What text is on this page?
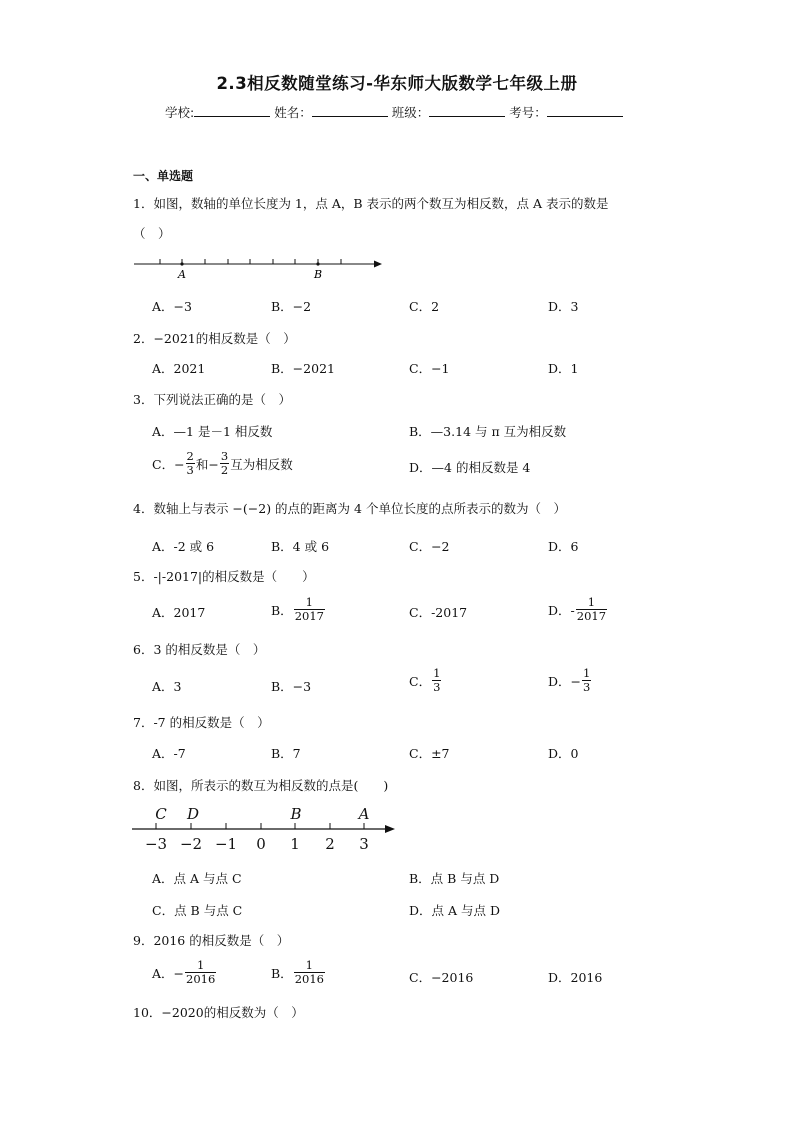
2.3相反数随堂练习-华东师大版数学七年级上册
学校:	姓名：	班级：	考号：
一、单选题
1．如图，数轴的单位长度为 1，点 A，B 表示的两个数互为相反数，点 A 表示的数是
（　）
A	B
A．−3	B．−2	C．2	D．3
2．−2021的相反数是（　）
A．2021	B．−2021	C．−1	D．1
3．下列说法正确的是（　）
A．—1 是－1 相反数	B．—3.14 与 π 互为相反数
C．− $\frac{2}{3}$ 和− $\frac{3}{2}$ 互为相反数	D．—4 的相反数是 4
4．数轴上与表示 −(−2) 的点的距离为 4 个单位长度的点所表示的数为（　）
A．-2 或 6	B．4 或 6	C．−2	D．6
5．-|-2017|的相反数是（　　）
A．2017	B． $\frac{1}{2017}$	C．-2017	D．- $\frac{1}{2017}$
6．3 的相反数是（　）
A．3	B．−3	C． $\frac{1}{3}$	D．− $\frac{1}{3}$
7．-7 的相反数是（　）
A．-7	B．7	C．±7	D．0
8．如图，所表示的数互为相反数的点是(　　)
C D	B	A
−3 −2 −1 0 1 2 3
A．点 A 与点 C	B．点 B 与点 D
C．点 B 与点 C	D．点 A 与点 D
9．2016 的相反数是（　）
A．− $\frac{1}{2016}$	B． $\frac{1}{2016}$	C．−2016	D．2016
10．−2020的相反数为（　）
